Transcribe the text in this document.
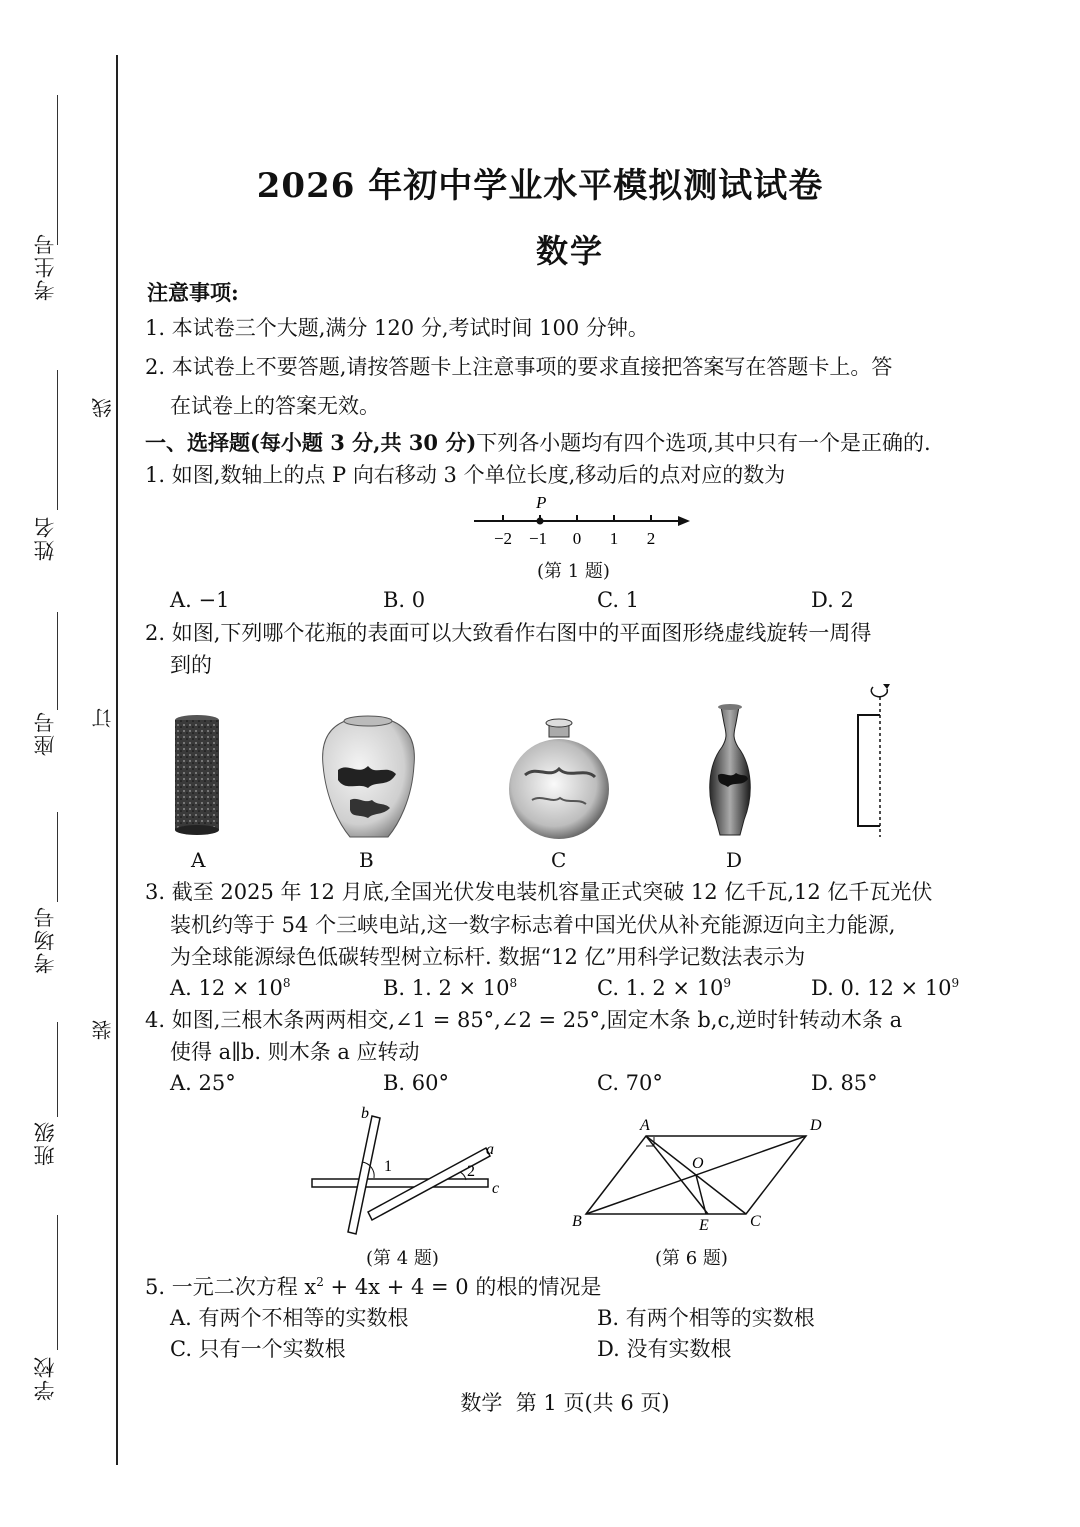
考生号
线
姓名
订
座号
考场号
装
班级
学校
2026 年初中学业水平模拟测试试卷
数学
注意事项:
1. 本试卷三个大题,满分 120 分,考试时间 100 分钟。
2. 本试卷上不要答题,请按答题卡上注意事项的要求直接把答案写在答题卡上。答
在试卷上的答案无效。
一、选择题(每小题 3 分,共 30 分)下列各小题均有四个选项,其中只有一个是正确的.
1. 如图,数轴上的点 P 向右移动 3 个单位长度,移动后的点对应的数为
P
−2 −1 0 1 2
(第 1 题)
A. −1	B. 0	C. 1	D. 2
2. 如图,下列哪个花瓶的表面可以大致看作右图中的平面图形绕虚线旋转一周得
到的
A	B	C	D
3. 截至 2025 年 12 月底,全国光伏发电装机容量正式突破 12 亿千瓦,12 亿千瓦光伏
装机约等于 54 个三峡电站,这一数字标志着中国光伏从补充能源迈向主力能源,
为全球能源绿色低碳转型树立标杆. 数据“12 亿”用科学记数法表示为
A. $12 \times 10^8$	B. 1. $2 \times 10^8$	C. 1. $2 \times 10^9$	D. 0. $12 \times 10^9$
4. 如图,三根木条两两相交,∠1 = 85°,∠2 = 25°,固定木条 b,c,逆时针转动木条 a
使得 a∥b. 则木条 a 应转动
A. 25°	B. 60°	C. 70°	D. 85°
b
a
c
1	2
(第 4 题)
A	D
O
B	E	C
(第 6 题)
5. 一元二次方程 $x^2 + 4x + 4 = 0$ 的根的情况是
A. 有两个不相等的实数根	B. 有两个相等的实数根
C. 只有一个实数根	D. 没有实数根
数学  第 1 页(共 6 页)
